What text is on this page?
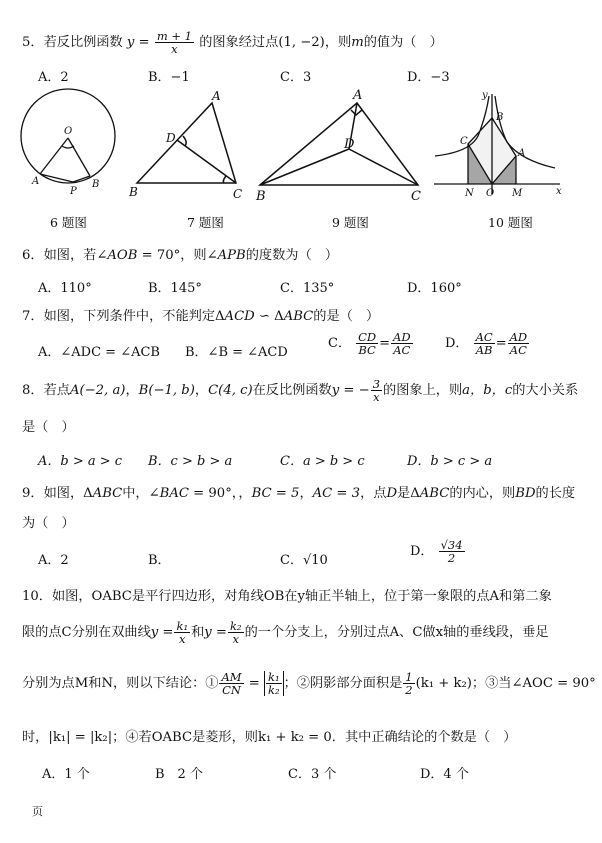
5．若反比例函数 $y = \frac{m + 1}{x}$ 的图象经过点(1, −2)，则m的值为（　）
A．2	B．−1	C．3	D．−3
O
A
P
B
A
D
B	C
A
D
B	C
y
B
C
A
N O M	x
6 题图	7 题图	9 题图	10 题图
6．如图，若∠AOB = 70°，则∠APB的度数为（　）
A．110°	B．145°	C．135°	D．160°
7．如图，下列条件中，不能判定ΔACD ∽ ΔABC的是（　）
A．∠ADC = ∠ACB B．∠B = ∠ACD
C． $\frac{CD}{BC} = \frac{AD}{AC}$ D． $\frac{AC}{AB} = \frac{AD}{AC}$
8．若点A(−2, a)，B(−1, b)，C(4, c)在反比例函数y = − $\frac{3}{x}$ 的图象上，则a，b，c的大小关系
是（　）
A．b > a > c B．c > b > a	C．a > b > c	D．b > c > a
9．如图，ΔABC中，∠BAC = 90°，，BC = 5，AC = 3，点D是ΔABC的内心，则BD的长度
为（　）
A．2	B．	C．√10
D． $\frac{√34}{2}$
10．如图，OABC是平行四边形，对角线OB在y轴正半轴上，位于第一象限的点A和第二象
限的点C分别在双曲线$y = \frac{\text{k₁}}{x}$ 和$y = \frac{\text{k₂}}{x}$ 的一个分支上，分别过点A、C做x轴的垂线段，垂足
分别为点M和N，则以下结论：① $\frac{AM}{CN} = \frac{\text{k₁}}{\text{k₂}}$ ；②阴影部分面积是 $\frac{1}{2} (k_1 + k_2)$；③当∠AOC = 90°
时，|k₁| = |k₂|；④若OABC是菱形，则k₁ + k₂ = 0．其中正确结论的个数是（　）
A．1 个	B　2 个	C．3 个	D．4 个
页
